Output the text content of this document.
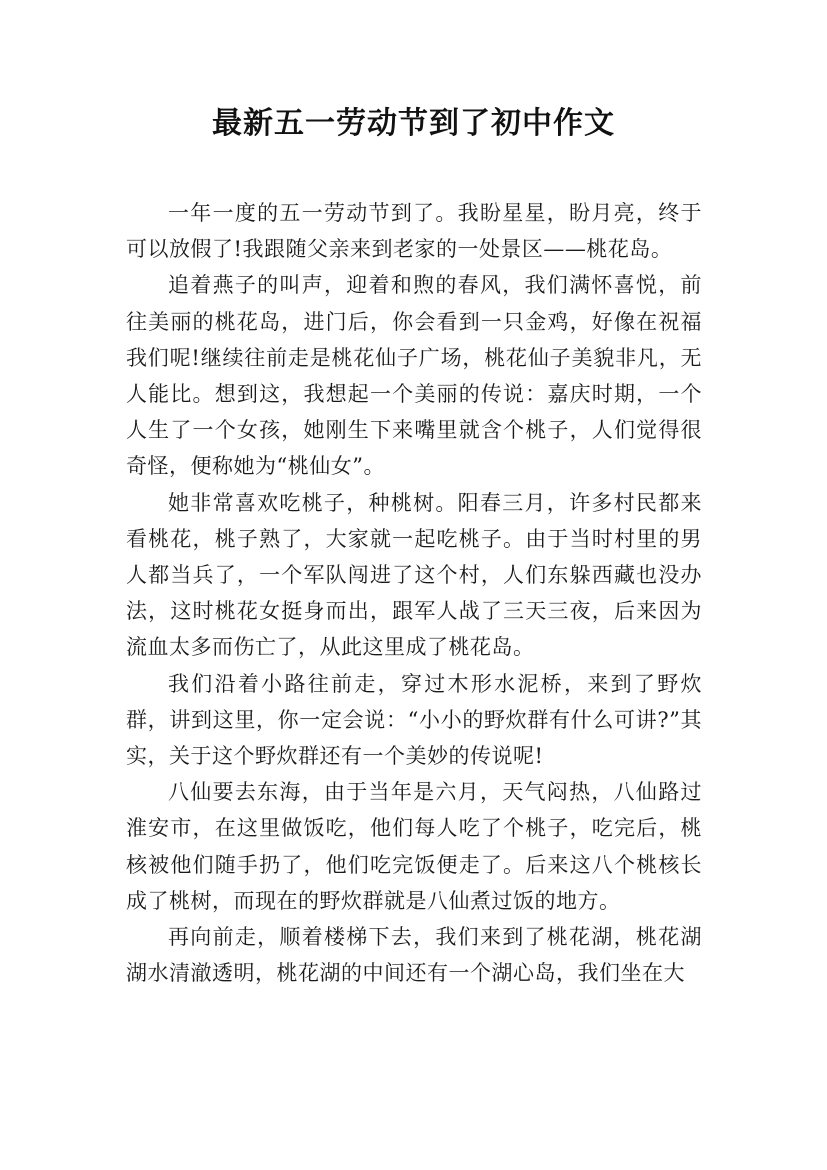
最新五一劳动节到了初中作文

一年一度的五一劳动节到了。我盼星星，盼月亮，终于可以放假了!我跟随父亲来到老家的一处景区——桃花岛。

追着燕子的叫声，迎着和煦的春风，我们满怀喜悦，前往美丽的桃花岛，进门后，你会看到一只金鸡，好像在祝福我们呢!继续往前走是桃花仙子广场，桃花仙子美貌非凡，无人能比。想到这，我想起一个美丽的传说：嘉庆时期，一个人生了一个女孩，她刚生下来嘴里就含个桃子，人们觉得很奇怪，便称她为“桃仙女”。

她非常喜欢吃桃子，种桃树。阳春三月，许多村民都来看桃花，桃子熟了，大家就一起吃桃子。由于当时村里的男人都当兵了，一个军队闯进了这个村，人们东躲西藏也没办法，这时桃花女挺身而出，跟军人战了三天三夜，后来因为流血太多而伤亡了，从此这里成了桃花岛。

我们沿着小路往前走，穿过木形水泥桥，来到了野炊群，讲到这里，你一定会说：“小小的野炊群有什么可讲?”其实，关于这个野炊群还有一个美妙的传说呢!

八仙要去东海，由于当年是六月，天气闷热，八仙路过淮安市，在这里做饭吃，他们每人吃了个桃子，吃完后，桃核被他们随手扔了，他们吃完饭便走了。后来这八个桃核长成了桃树，而现在的野炊群就是八仙煮过饭的地方。

再向前走，顺着楼梯下去，我们来到了桃花湖，桃花湖湖水清澈透明，桃花湖的中间还有一个湖心岛，我们坐在大
